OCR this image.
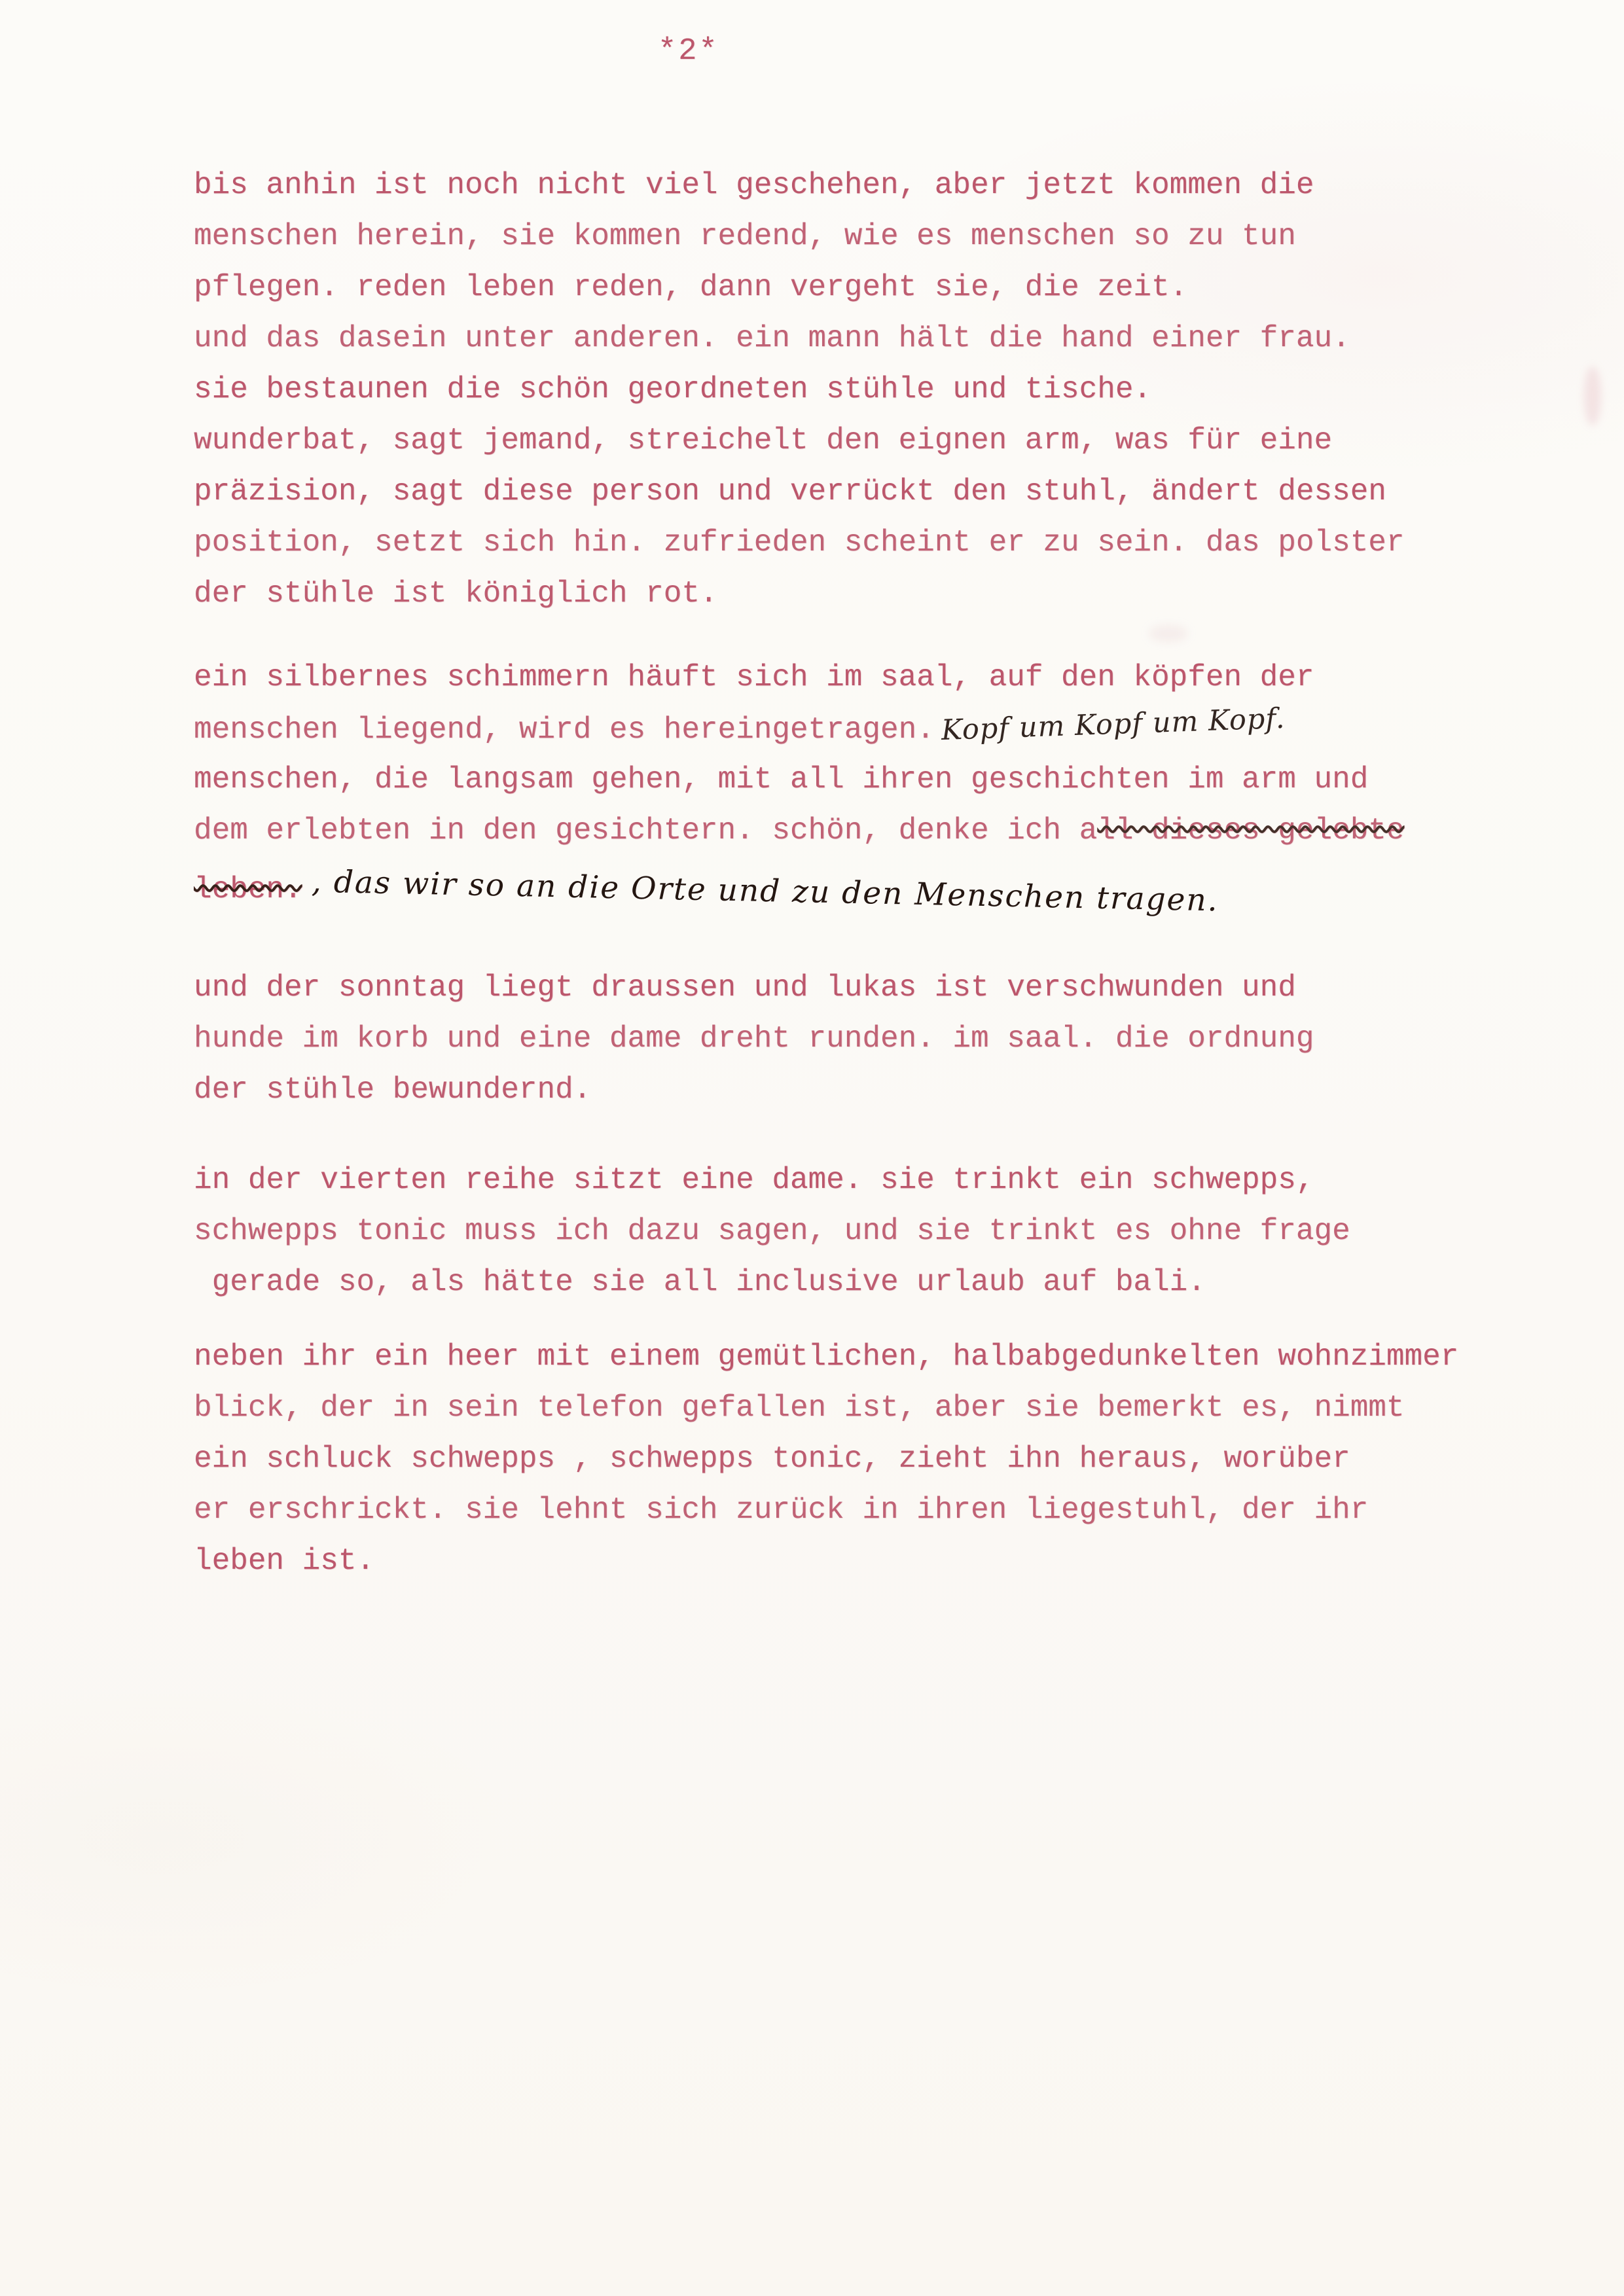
*2*
bis anhin ist noch nicht viel geschehen, aber jetzt kommen die
menschen herein, sie kommen redend, wie es menschen so zu tun
pflegen. reden leben reden, dann vergeht sie, die zeit.
und das dasein unter anderen. ein mann hält die hand einer frau.
sie bestaunen die schön geordneten stühle und tische.
wunderbat, sagt jemand, streichelt den eignen arm, was für eine
präzision, sagt diese person und verrückt den stuhl, ändert dessen
position, setzt sich hin. zufrieden scheint er zu sein. das polster
der stühle ist königlich rot.
ein silbernes schimmern häuft sich im saal, auf den köpfen der
menschen liegend, wird es hereingetragen. Kopf um Kopf um Kopf.
menschen, die langsam gehen, mit all ihren geschichten im arm und
dem erlebten in den gesichtern. schön, denke ich all dieses gelebte
leben. , das wir so an die Orte und zu den Menschen tragen.
und der sonntag liegt draussen und lukas ist verschwunden und
hunde im korb und eine dame dreht runden. im saal. die ordnung
der stühle bewundernd.
in der vierten reihe sitzt eine dame. sie trinkt ein schwepps,
schwepps tonic muss ich dazu sagen, und sie trinkt es ohne frage
gerade so, als hätte sie all inclusive urlaub auf bali.
neben ihr ein heer mit einem gemütlichen, halbabgedunkelten wohnzimmer
blick, der in sein telefon gefallen ist, aber sie bemerkt es, nimmt
ein schluck schwepps , schwepps tonic, zieht ihn heraus, worüber
er erschrickt. sie lehnt sich zurück in ihren liegestuhl, der ihr
leben ist.
